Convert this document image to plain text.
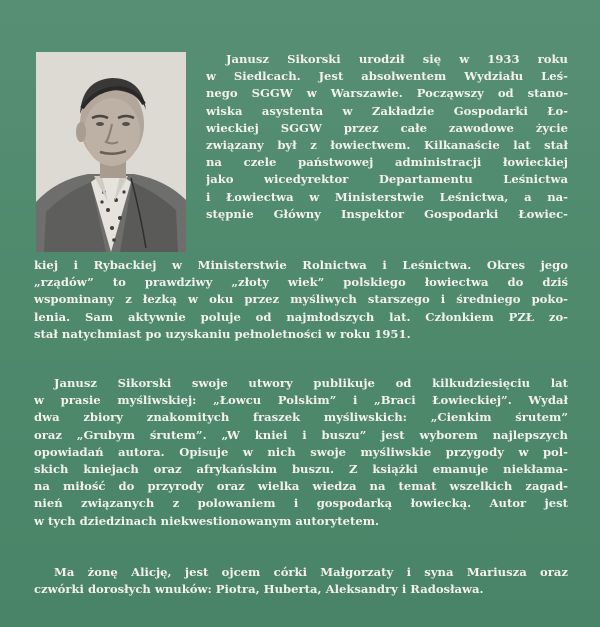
Janusz Sikorski urodził się w 1933 roku
w Siedlcach. Jest absolwentem Wydziału Leś-
nego SGGW w Warszawie. Począwszy od stano-
wiska asystenta w Zakładzie Gospodarki Ło-
wieckiej SGGW przez całe zawodowe życie
związany był z łowiectwem. Kilkanaście lat stał
na czele państwowej administracji łowieckiej
jako wicedyrektor Departamentu Leśnictwa
i Łowiectwa w Ministerstwie Leśnictwa, a na-
stępnie Główny Inspektor Gospodarki Łowiec-
kiej i Rybackiej w Ministerstwie Rolnictwa i Leśnictwa. Okres jego
„rządów” to prawdziwy „złoty wiek” polskiego łowiectwa do dziś
wspominany z łezką w oku przez myśliwych starszego i średniego poko-
lenia. Sam aktywnie poluje od najmłodszych lat. Członkiem PZŁ zo-
stał natychmiast po uzyskaniu pełnoletności w roku 1951.
Janusz Sikorski swoje utwory publikuje od kilkudziesięciu lat
w prasie myśliwskiej: „Łowcu Polskim” i „Braci Łowieckiej”. Wydał
dwa zbiory znakomitych fraszek myśliwskich: „Cienkim śrutem”
oraz „Grubym śrutem”. „W kniei i buszu” jest wyborem najlepszych
opowiadań autora. Opisuje w nich swoje myśliwskie przygody w pol-
skich kniejach oraz afrykańskim buszu. Z książki emanuje niekłama-
na miłość do przyrody oraz wielka wiedza na temat wszelkich zagad-
nień związanych z polowaniem i gospodarką łowiecką. Autor jest
w tych dziedzinach niekwestionowanym autorytetem.
Ma żonę Alicję, jest ojcem córki Małgorzaty i syna Mariusza oraz
czwórki dorosłych wnuków: Piotra, Huberta, Aleksandry i Radosława.
